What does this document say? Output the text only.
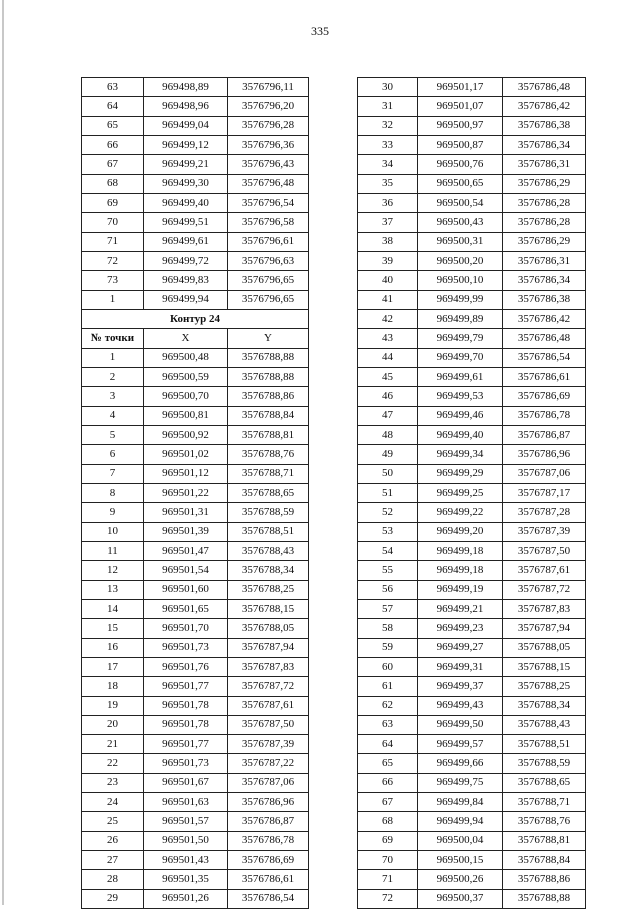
335
63	969498,89	3576796,11
64	969498,96	3576796,20
65	969499,04	3576796,28
66	969499,12	3576796,36
67	969499,21	3576796,43
68	969499,30	3576796,48
69	969499,40	3576796,54
70	969499,51	3576796,58
71	969499,61	3576796,61
72	969499,72	3576796,63
73	969499,83	3576796,65
1	969499,94	3576796,65
Контур 24		
№ точки	X	Y
1	969500,48	3576788,88
2	969500,59	3576788,88
3	969500,70	3576788,86
4	969500,81	3576788,84
5	969500,92	3576788,81
6	969501,02	3576788,76
7	969501,12	3576788,71
8	969501,22	3576788,65
9	969501,31	3576788,59
10	969501,39	3576788,51
11	969501,47	3576788,43
12	969501,54	3576788,34
13	969501,60	3576788,25
14	969501,65	3576788,15
15	969501,70	3576788,05
16	969501,73	3576787,94
17	969501,76	3576787,83
18	969501,77	3576787,72
19	969501,78	3576787,61
20	969501,78	3576787,50
21	969501,77	3576787,39
22	969501,73	3576787,22
23	969501,67	3576787,06
24	969501,63	3576786,96
25	969501,57	3576786,87
26	969501,50	3576786,78
27	969501,43	3576786,69
28	969501,35	3576786,61
29	969501,26	3576786,54
30	969501,17	3576786,48
31	969501,07	3576786,42
32	969500,97	3576786,38
33	969500,87	3576786,34
34	969500,76	3576786,31
35	969500,65	3576786,29
36	969500,54	3576786,28
37	969500,43	3576786,28
38	969500,31	3576786,29
39	969500,20	3576786,31
40	969500,10	3576786,34
41	969499,99	3576786,38
42	969499,89	3576786,42
43	969499,79	3576786,48
44	969499,70	3576786,54
45	969499,61	3576786,61
46	969499,53	3576786,69
47	969499,46	3576786,78
48	969499,40	3576786,87
49	969499,34	3576786,96
50	969499,29	3576787,06
51	969499,25	3576787,17
52	969499,22	3576787,28
53	969499,20	3576787,39
54	969499,18	3576787,50
55	969499,18	3576787,61
56	969499,19	3576787,72
57	969499,21	3576787,83
58	969499,23	3576787,94
59	969499,27	3576788,05
60	969499,31	3576788,15
61	969499,37	3576788,25
62	969499,43	3576788,34
63	969499,50	3576788,43
64	969499,57	3576788,51
65	969499,66	3576788,59
66	969499,75	3576788,65
67	969499,84	3576788,71
68	969499,94	3576788,76
69	969500,04	3576788,81
70	969500,15	3576788,84
71	969500,26	3576788,86
72	969500,37	3576788,88
